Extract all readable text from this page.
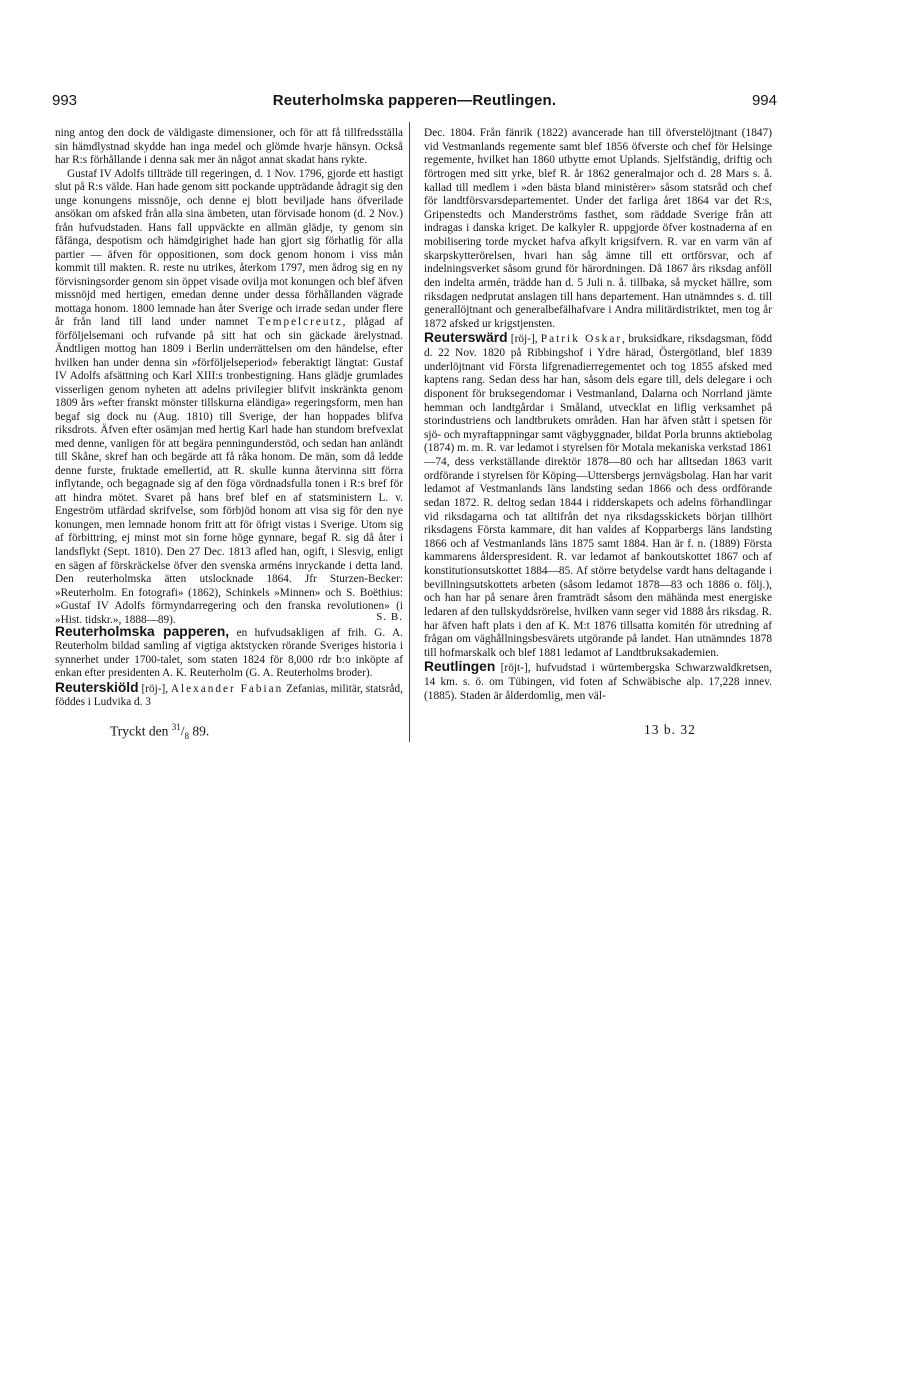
993	Reuterholmska papperen—Reutlingen.	994

ning antog den dock de väldigaste dimensioner, och för att få tillfredsställa sin hämdlystnad skydde han inga medel och glömde hvarje hänsyn. Också har R:s förhållande i denna sak mer än något annat skadat hans rykte.

Gustaf IV Adolfs tillträde till regeringen, d. 1 Nov. 1796, gjorde ett hastigt slut på R:s välde. Han hade genom sitt pockande uppträdande ådragit sig den unge konungens missnöje, och denne ej blott beviljade hans öfverilade ansökan om afsked från alla sina ämbeten, utan förvisade honom (d. 2 Nov.) från hufvudstaden. Hans fall uppväckte en allmän glädje, ty genom sin fåfänga, despotism och hämdgirighet hade han gjort sig förhatlig för alla partier — äfven för oppositionen, som dock genom honom i viss mån kommit till makten. R. reste nu utrikes, återkom 1797, men ådrog sig en ny förvisningsorder genom sin öppet visade ovilja mot konungen och blef äfven missnöjd med hertigen, emedan denne under dessa förhållanden vägrade mottaga honom. 1800 lemnade han åter Sverige och irrade sedan under flere år från land till land under namnet Tempelcreutz, plågad af förföljelsemani och rufvande på sitt hat och sin gäckade ärelystnad. Ändtligen mottog han 1809 i Berlin underrättelsen om den händelse, efter hvilken han under denna sin »förföljelseperiod» feberaktigt längtat: Gustaf IV Adolfs afsättning och Karl XIII:s tronbestigning. Hans glädje grumlades visserligen genom nyheten att adelns privilegier blifvit inskränkta genom 1809 års »efter franskt mönster tillskurna eländiga» regeringsform, men han begaf sig dock nu (Aug. 1810) till Sverige, der han hoppades blifva riksdrots. Äfven efter osämjan med hertig Karl hade han stundom brefvexlat med denne, vanligen för att begära penningunderstöd, och sedan han anländt till Skåne, skref han och begärde att få råka honom. De män, som då ledde denne furste, fruktade emellertid, att R. skulle kunna återvinna sitt förra inflytande, och begagnade sig af den föga vördnadsfulla tonen i R:s bref för att hindra mötet. Svaret på hans bref blef en af statsministern L. v. Engeström utfärdad skrifvelse, som förbjöd honom att visa sig för den nye konungen, men lemnade honom fritt att för öfrigt vistas i Sverige. Utom sig af förbittring, ej minst mot sin forne höge gynnare, begaf R. sig då åter i landsflykt (Sept. 1810). Den 27 Dec. 1813 afled han, ogift, i Slesvig, enligt en sägen af förskräckelse öfver den svenska arméns inryckande i detta land. Den reuterholmska ätten utslocknade 1864. Jfr Sturzen-Becker: »Reuterholm. En fotografi» (1862), Schinkels »Minnen» och S. Boëthius: »Gustaf IV Adolfs förmyndarregering och den franska revolutionen» (i »Hist. tidskr.», 1888—89).	S. B.

Reuterholmska papperen, en hufvudsakligen af frih. G. A. Reuterholm bildad samling af vigtiga aktstycken rörande Sveriges historia i synnerhet under 1700-talet, som staten 1824 för 8,000 rdr b:o inköpte af enkan efter presidenten A. K. Reuterholm (G. A. Reuterholms broder).

Reuterskiöld [röj-], Alexander Fabian Zefanias, militär, statsråd, föddes i Ludvika d. 3

Dec. 1804. Från fänrik (1822) avancerade han till öfverstelöjtnant (1847) vid Vestmanlands regemente samt blef 1856 öfverste och chef för Helsinge regemente, hvilket han 1860 utbytte emot Uplands. Sjelfständig, driftig och förtrogen med sitt yrke, blef R. år 1862 generalmajor och d. 28 Mars s. å. kallad till medlem i »den bästa bland ministèrer» såsom statsråd och chef för landtförsvarsdepartementet. Under det farliga året 1864 var det R:s, Gripenstedts och Manderströms fasthet, som räddade Sverige från att indragas i danska kriget. De kalkyler R. uppgjorde öfver kostnaderna af en mobilisering torde mycket hafva afkylt krigsifvern. R. var en varm vän af skarpskytterörelsen, hvari han såg ämne till ett ortförsvar, och af indelningsverket såsom grund för härordningen. Då 1867 års riksdag anföll den indelta armén, trädde han d. 5 Juli n. å. tillbaka, så mycket hällre, som riksdagen nedprutat anslagen till hans departement. Han utnämndes s. d. till generallöjtnant och generalbefälhafvare i Andra militärdistriktet, men tog år 1872 afsked ur krigstjensten.

Reuterswärd [röj-], Patrik Oskar, bruksidkare, riksdagsman, född d. 22 Nov. 1820 på Ribbingshof i Ydre härad, Östergötland, blef 1839 underlöjtnant vid Första lifgrenadierregementet och tog 1855 afsked med kaptens rang. Sedan dess har han, såsom dels egare till, dels delegare i och disponent för bruksegendomar i Vestmanland, Dalarna och Norrland jämte hemman och landtgårdar i Småland, utvecklat en liflig verksamhet på storindustriens och landtbrukets områden. Han har äfven stått i spetsen för sjö- och myraftappningar samt vägbyggnader, bildat Porla brunns aktiebolag (1874) m. m. R. var ledamot i styrelsen för Motala mekaniska verkstad 1861—74, dess verkställande direktör 1878—80 och har alltsedan 1863 varit ordförande i styrelsen för Köping—Uttersbergs jernvägsbolag. Han har varit ledamot af Vestmanlands läns landsting sedan 1866 och dess ordförande sedan 1872. R. deltog sedan 1844 i ridderskapets och adelns förhandlingar vid riksdagarna och tat alltifrån det nya riksdagsskickets början tillhört riksdagens Första kammare, dit han valdes af Kopparbergs läns landsting 1866 och af Vestmanlands läns 1875 samt 1884. Han är f. n. (1889) Första kammarens ålderspresident. R. var ledamot af bankoutskottet 1867 och af konstitutionsutskottet 1884—85. Af större betydelse vardt hans deltagande i bevillningsutskottets arbeten (såsom ledamot 1878—83 och 1886 o. följ.), och han har på senare åren framträdt såsom den mähända mest energiske ledaren af den tullskyddsrörelse, hvilken vann seger vid 1888 års riksdag. R. har äfven haft plats i den af K. M:t 1876 tillsatta komitén för utredning af frågan om väghållningsbesvärets utgörande på landet. Han utnämndes 1878 till hofmarskalk och blef 1881 ledamot af Landtbruksakademien.

Reutlingen [röjt-], hufvudstad i würtembergska Schwarzwaldkretsen, 14 km. s. ö. om Tübingen, vid foten af Schwäbische alp. 17,228 innev. (1885). Staden är ålderdomlig, men väl-

Tryckt den $^{31}/_8$ 89.	13 b. 32
